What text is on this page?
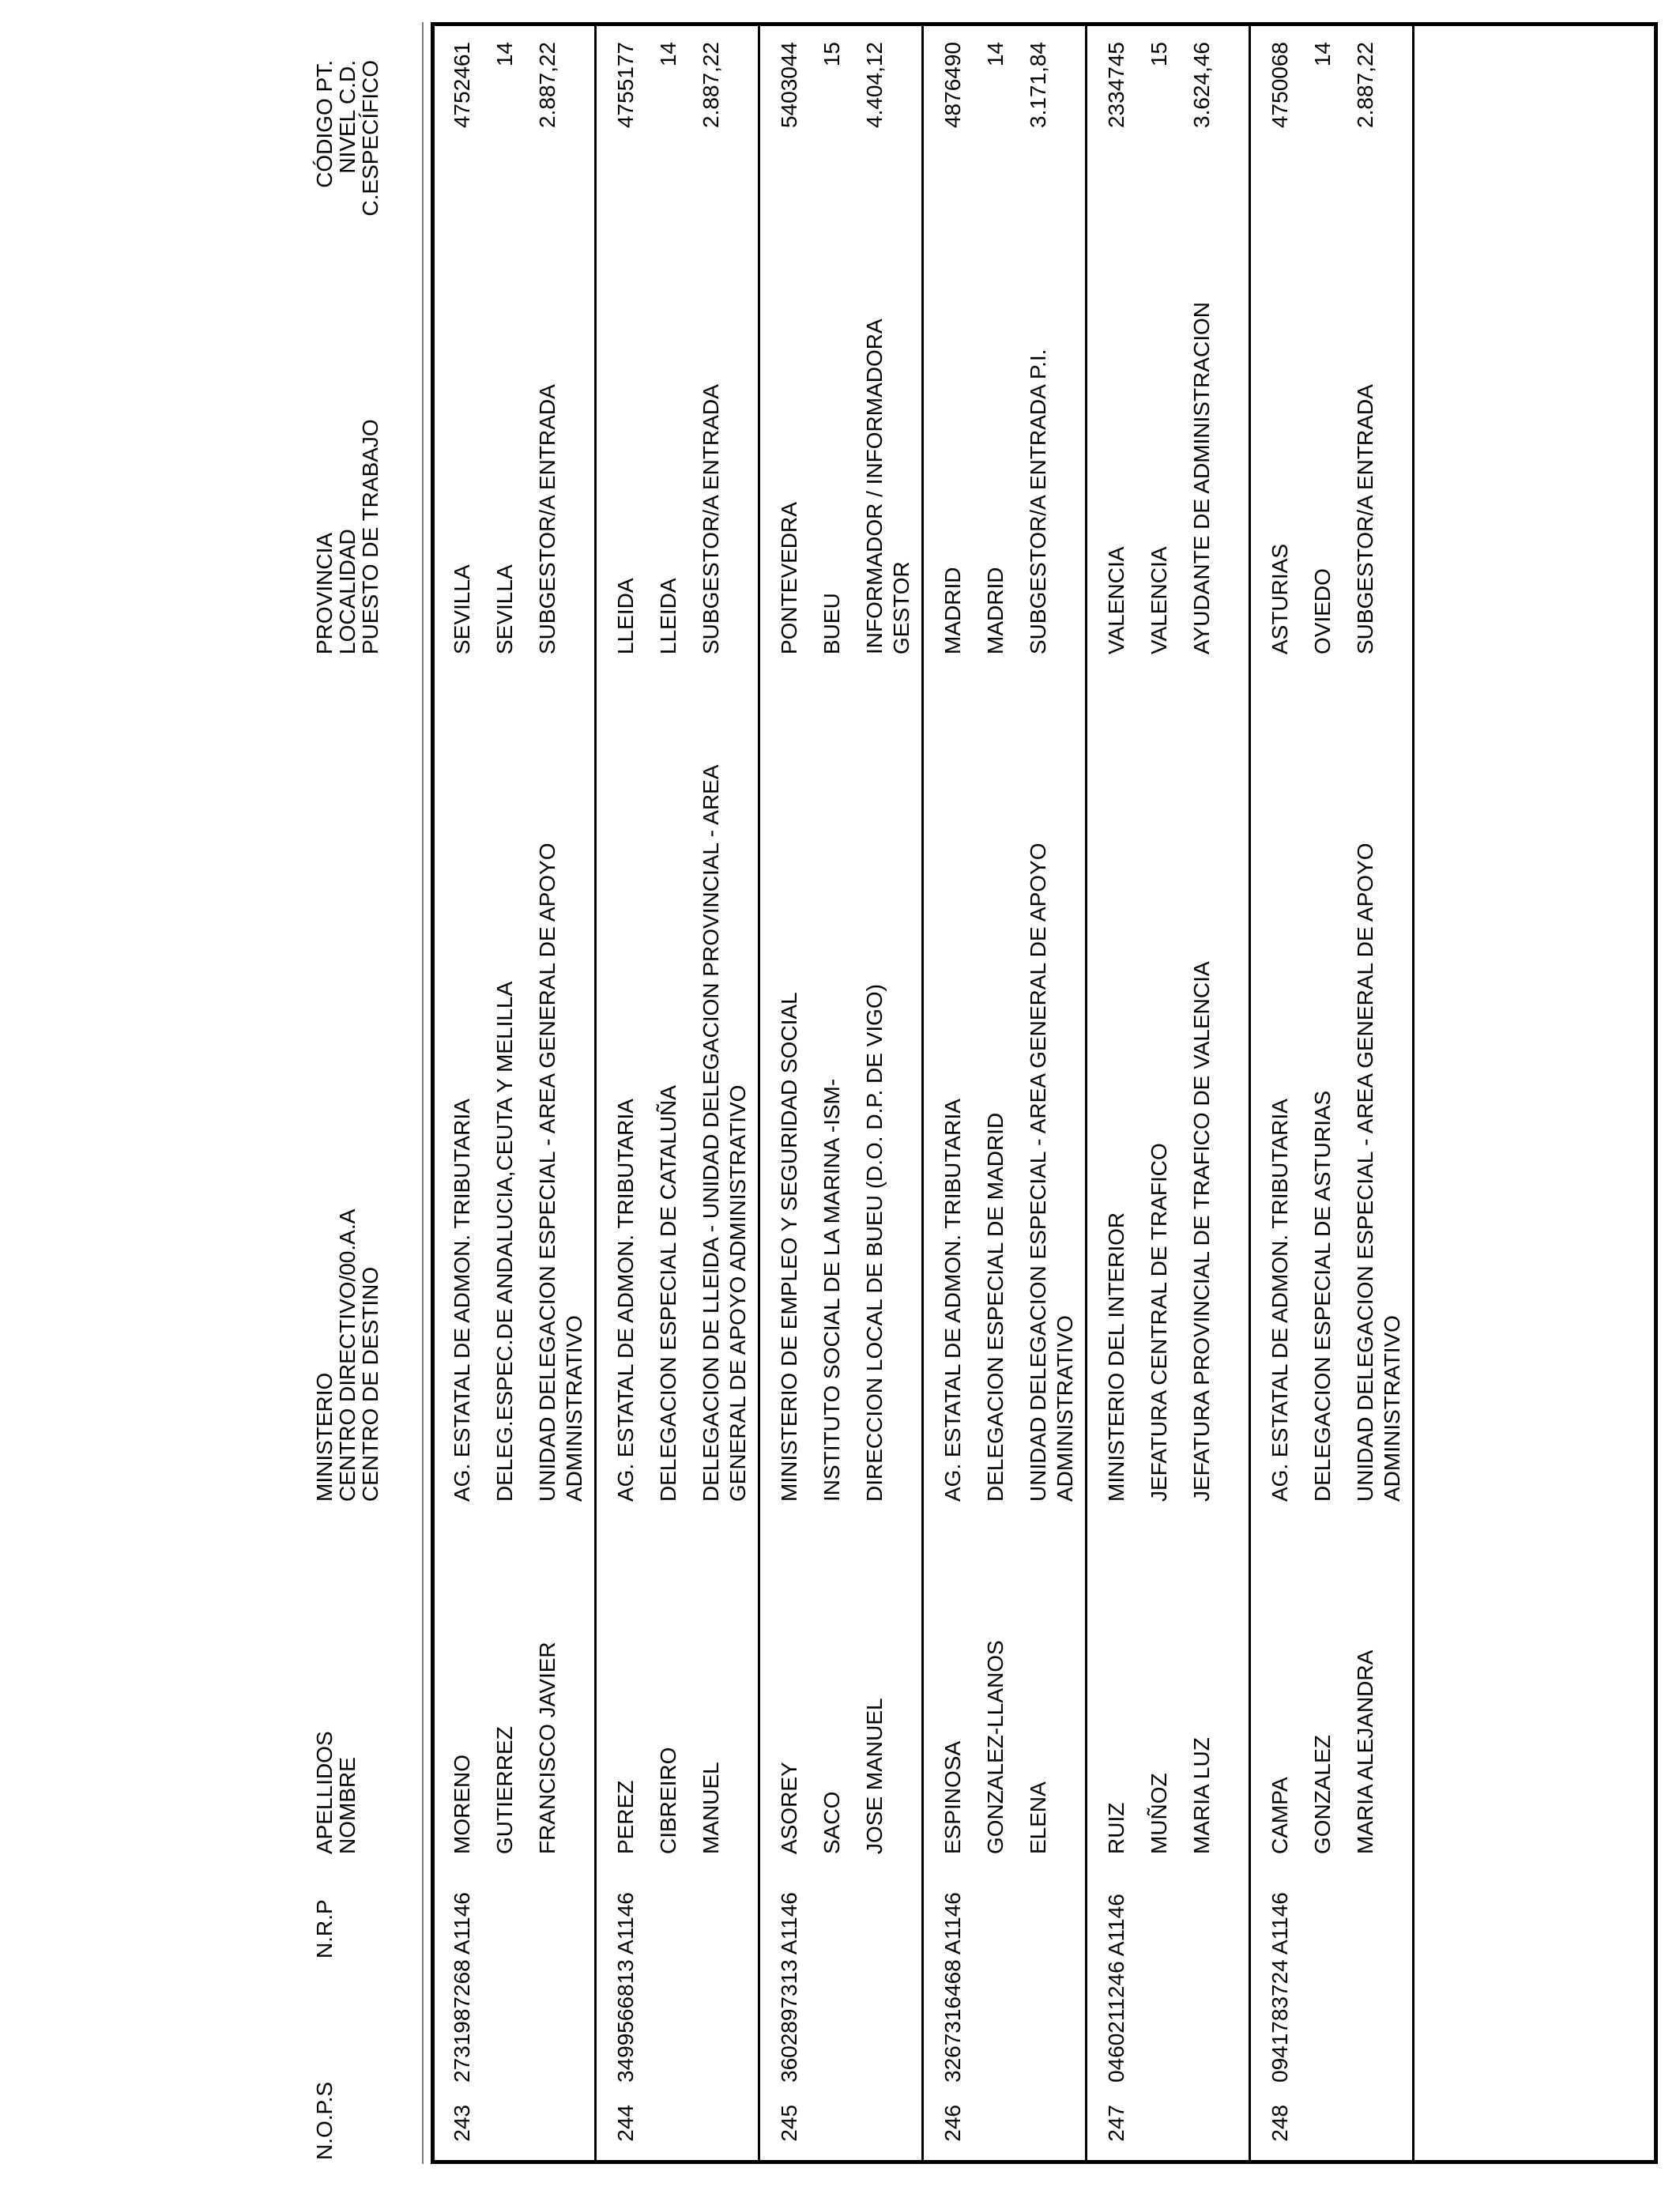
N.O.P.S
N.R.P
APELLIDOS
NOMBRE
MINISTERIO
CENTRO DIRECTIVO/00.A.A
CENTRO DE DESTINO
PROVINCIA
LOCALIDAD
PUESTO DE TRABAJO
CÓDIGO PT.
NIVEL C.D.
C.ESPECÍFICO
243
2731987268 A1146
MORENO GUTIERREZ FRANCISCO JAVIER
AG. ESTATAL DE ADMON. TRIBUTARIA DELEG.ESPEC.DE ANDALUCIA,CEUTA Y MELILLA UNIDAD DELEGACION ESPECIAL - AREA GENERAL DE APOYO ADMINISTRATIVO
SEVILLA SEVILLA SUBGESTOR/A ENTRADA
4752461 14 2.887,22
244
3499566813 A1146
PEREZ CIBREIRO MANUEL
AG. ESTATAL DE ADMON. TRIBUTARIA DELEGACION ESPECIAL DE CATALUÑA DELEGACION DE LLEIDA - UNIDAD DELEGACION PROVINCIAL - AREA GENERAL DE APOYO ADMINISTRATIVO
LLEIDA LLEIDA SUBGESTOR/A ENTRADA
4755177 14 2.887,22
245
3602897313 A1146
ASOREY SACO JOSE MANUEL
MINISTERIO DE EMPLEO Y SEGURIDAD SOCIAL INSTITUTO SOCIAL DE LA MARINA -ISM- DIRECCION LOCAL DE BUEU (D.O. D.P. DE VIGO)
PONTEVEDRA BUEU INFORMADOR / INFORMADORA GESTOR
5403044 15 4.404,12
246
3267316468 A1146
ESPINOSA GONZALEZ-LLANOS ELENA
AG. ESTATAL DE ADMON. TRIBUTARIA DELEGACION ESPECIAL DE MADRID UNIDAD DELEGACION ESPECIAL - AREA GENERAL DE APOYO ADMINISTRATIVO
MADRID MADRID SUBGESTOR/A ENTRADA P.I.
4876490 14 3.171,84
247
0460211246 A1146
RUIZ MUÑOZ MARIA LUZ
MINISTERIO DEL INTERIOR JEFATURA CENTRAL DE TRAFICO JEFATURA PROVINCIAL DE TRAFICO DE VALENCIA
VALENCIA VALENCIA AYUDANTE DE ADMINISTRACION
2334745 15 3.624,46
248
0941783724 A1146
CAMPA GONZALEZ MARIA ALEJANDRA
AG. ESTATAL DE ADMON. TRIBUTARIA DELEGACION ESPECIAL DE ASTURIAS UNIDAD DELEGACION ESPECIAL - AREA GENERAL DE APOYO ADMINISTRATIVO
ASTURIAS OVIEDO SUBGESTOR/A ENTRADA
4750068 14 2.887,22
